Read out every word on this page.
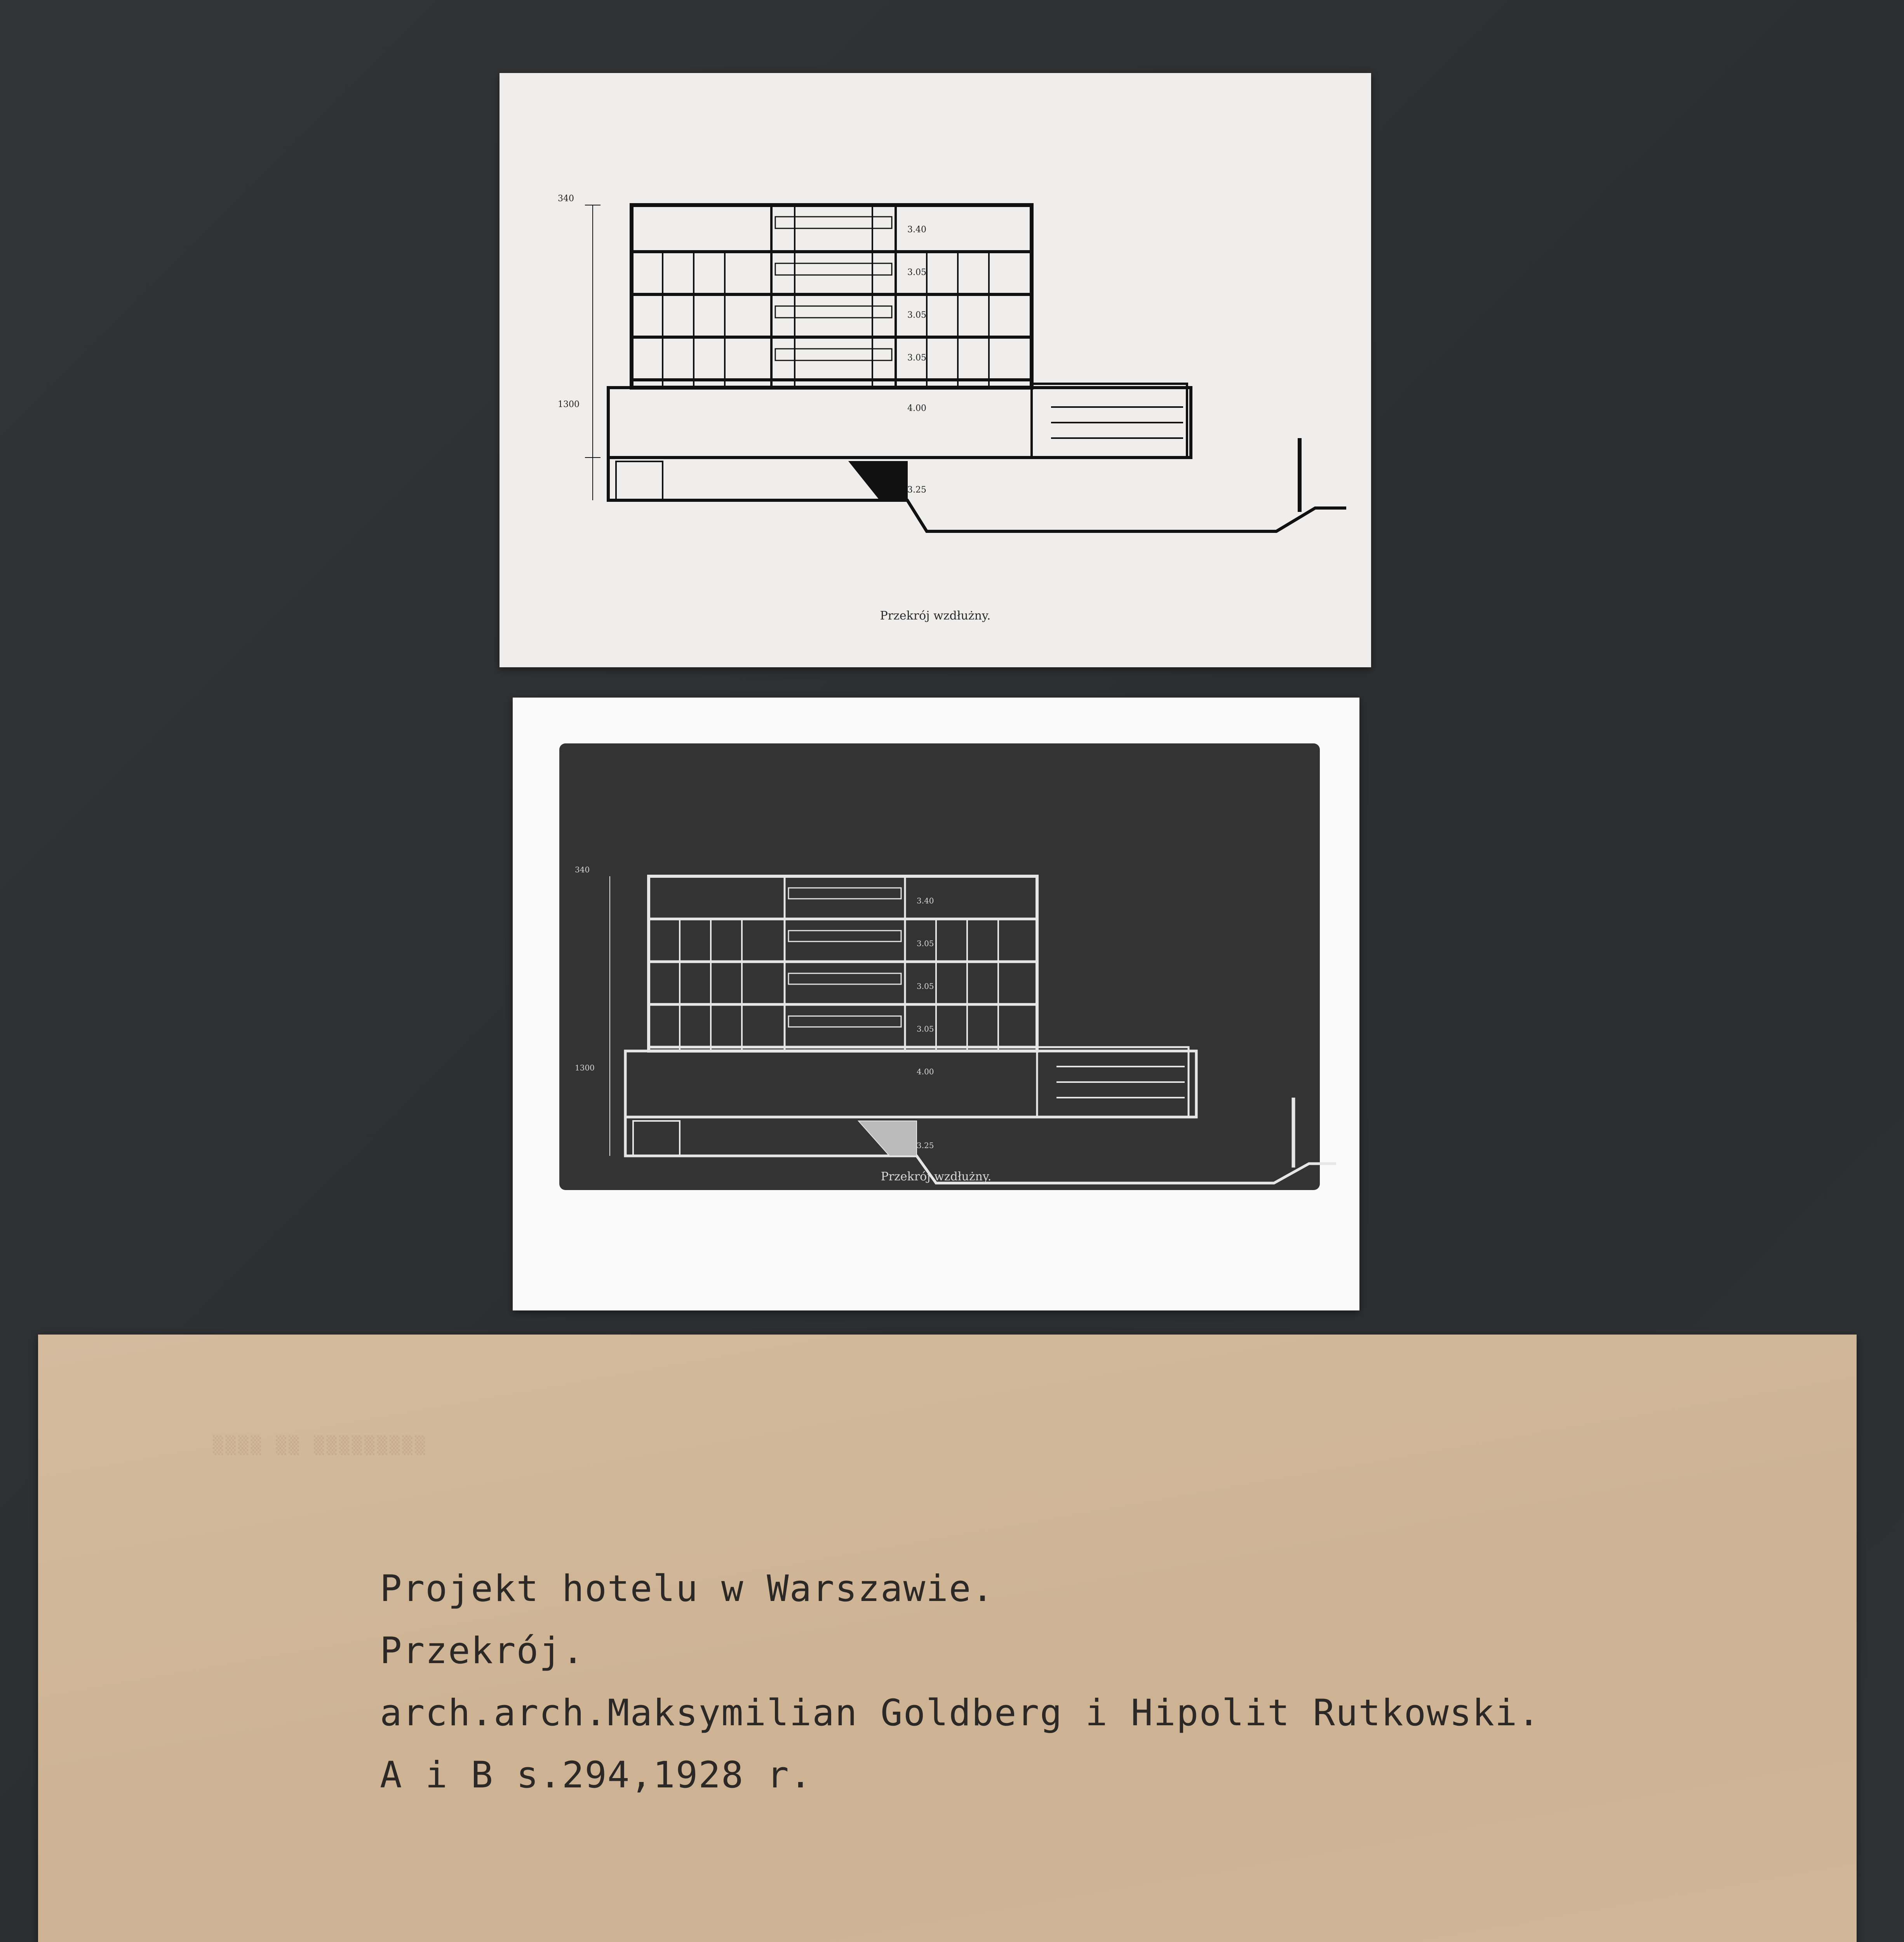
340
1300
3.40
3.05
3.05
3.05
4.00
3.25
Przekrój wzdłużny.
340
1300
3.40
3.05
3.05
3.05
4.00
3.25
Przekrój wzdłużny.
▒▒▒▒ ▒▒ ▒▒▒▒▒▒▒▒▒
Projekt hotelu w Warszawie.
Przekrój.
arch.arch.Maksymilian Goldberg i Hipolit Rutkowski.
A i B s.294,1928 r.
